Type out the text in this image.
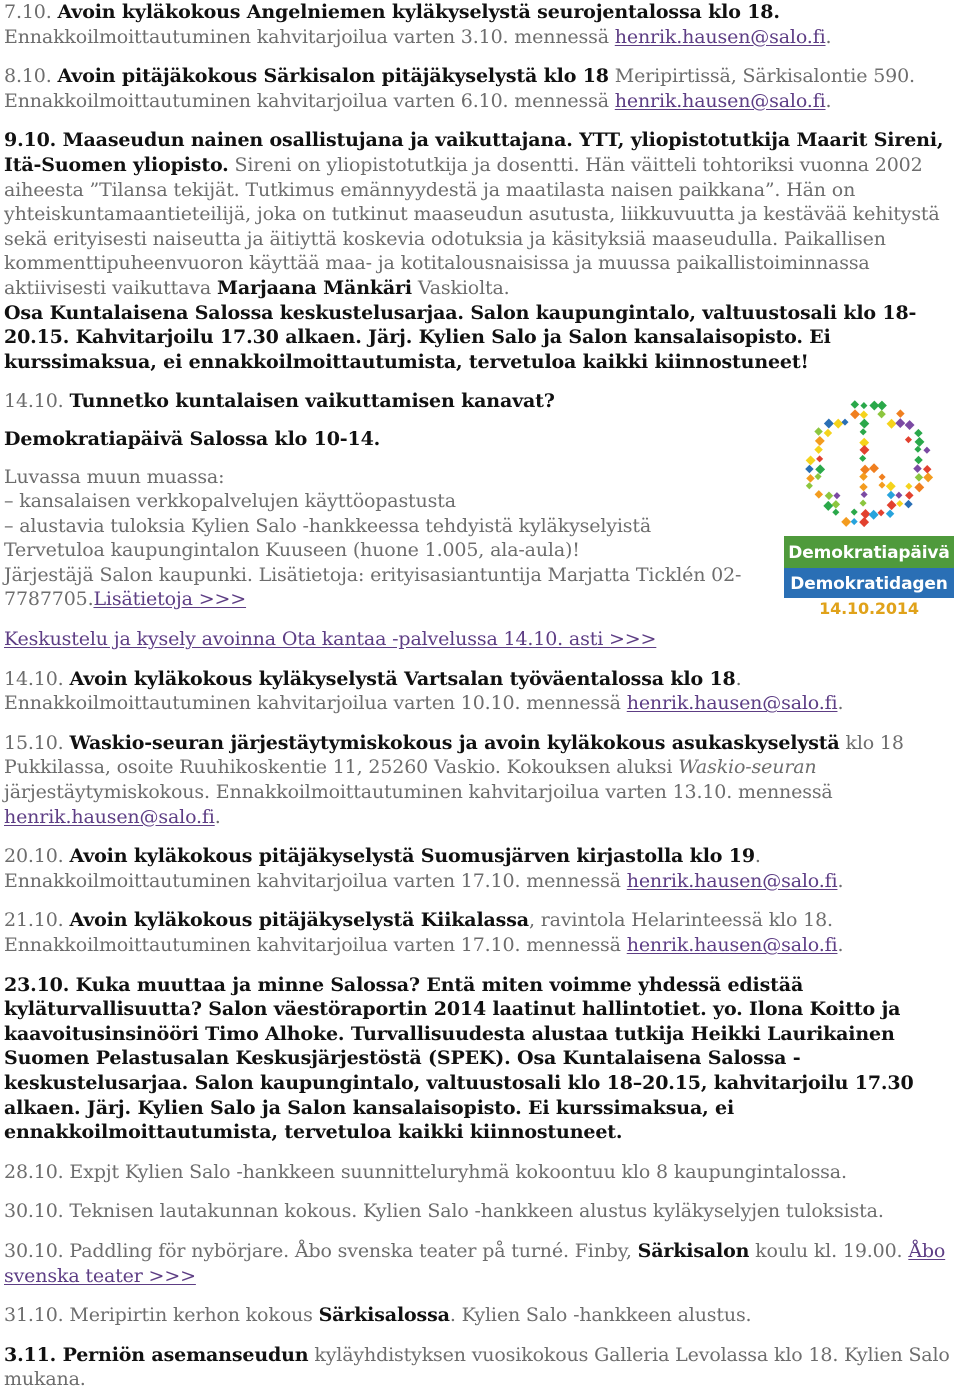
7.10. Avoin kyläkokous Angelniemen kyläkyselystä seurojentalossa klo 18. Ennakkoilmoittautuminen kahvitarjoilua varten 3.10. mennessä henrik.hausen@salo.fi.

8.10. Avoin pitäjäkokous Särkisalon pitäjäkyselystä klo 18 Meripirtissä, Särkisalontie 590. Ennakkoilmoittautuminen kahvitarjoilua varten 6.10. mennessä henrik.hausen@salo.fi.

9.10. Maaseudun nainen osallistujana ja vaikuttajana. YTT, yliopistotutkija Maarit Sireni, Itä-Suomen yliopisto. Sireni on yliopistotutkija ja dosentti. Hän väitteli tohtoriksi vuonna 2002 aiheesta ”Tilansa tekijät. Tutkimus emännyydestä ja maatilasta naisen paikkana”. Hän on yhteiskuntamaantieteilijä, joka on tutkinut maaseudun asutusta, liikkuvuutta ja kestävää kehitystä sekä erityisesti naiseutta ja äitiyttä koskevia odotuksia ja käsityksiä maaseudulla. Paikallisen kommenttipuheenvuoron käyttää maa- ja kotitalousnaisissa ja muussa paikallistoiminnassa aktiivisesti vaikuttava Marjaana Mänkäri Vaskiolta.
Osa Kuntalaisena Salossa keskustelusarjaa. Salon kaupungintalo, valtuustosali klo 18-20.15. Kahvitarjoilu 17.30 alkaen. Järj. Kylien Salo ja Salon kansalaisopisto. Ei kurssimaksua, ei ennakkoilmoittautumista, tervetuloa kaikki kiinnostuneet!

14.10. Tunnetko kuntalaisen vaikuttamisen kanavat?

Demokratiapäivä Salossa klo 10-14.

Luvassa muun muassa:

– kansalaisen verkkopalvelujen käyttöopastusta

– alustavia tuloksia Kylien Salo -hankkeessa tehdyistä kyläkyselyistä

Tervetuloa kaupungintalon Kuuseen (huone 1.005, ala-aula)!

Järjestäjä Salon kaupunki. Lisätietoja: erityisasiantuntija Marjatta Ticklén 02-7787705.Lisätietoja >>>

Keskustelu ja kysely avoinna Ota kantaa -palvelussa 14.10. asti >>>

14.10. Avoin kyläkokous kyläkyselystä Vartsalan työväentalossa klo 18. Ennakkoilmoittautuminen kahvitarjoilua varten 10.10. mennessä henrik.hausen@salo.fi.

15.10. Waskio-seuran järjestäytymiskokous ja avoin kyläkokous asukaskyselystä klo 18 Pukkilassa, osoite Ruuhikoskentie 11, 25260 Vaskio. Kokouksen aluksi Waskio-seuran järjestäytymiskokous. Ennakkoilmoittautuminen kahvitarjoilua varten 13.10. mennessä henrik.hausen@salo.fi.

20.10. Avoin kyläkokous pitäjäkyselystä Suomusjärven kirjastolla klo 19. Ennakkoilmoittautuminen kahvitarjoilua varten 17.10. mennessä henrik.hausen@salo.fi.

21.10. Avoin kyläkokous pitäjäkyselystä Kiikalassa, ravintola Helarinteessä klo 18. Ennakkoilmoittautuminen kahvitarjoilua varten 17.10. mennessä henrik.hausen@salo.fi.

23.10. Kuka muuttaa ja minne Salossa? Entä miten voimme yhdessä edistää kyläturvallisuutta? Salon väestöraportin 2014 laatinut hallintotiet. yo. Ilona Koitto ja kaavoitusinsinööri Timo Alhoke. Turvallisuudesta alustaa tutkija Heikki Laurikainen Suomen Pelastusalan Keskusjärjestöstä (SPEK). Osa Kuntalaisena Salossa -keskustelusarjaa. Salon kaupungintalo, valtuustosali klo 18–20.15, kahvitarjoilu 17.30 alkaen. Järj. Kylien Salo ja Salon kansalaisopisto. Ei kurssimaksua, ei ennakkoilmoittautumista, tervetuloa kaikki kiinnostuneet.

28.10. Expjt Kylien Salo -hankkeen suunnitteluryhmä kokoontuu klo 8 kaupungintalossa.

30.10. Teknisen lautakunnan kokous. Kylien Salo -hankkeen alustus kyläkyselyjen tuloksista.

30.10. Paddling för nybörjare. Åbo svenska teater på turné. Finby, Särkisalon koulu kl. 19.00. Åbo svenska teater >>>

31.10. Meripirtin kerhon kokous Särkisalossa. Kylien Salo -hankkeen alustus.

3.11. Perniön asemanseudun kyläyhdistyksen vuosikokous Galleria Levolassa klo 18. Kylien Salo mukana.

Demokratiapäivä
Demokratidagen
14.10.2014
